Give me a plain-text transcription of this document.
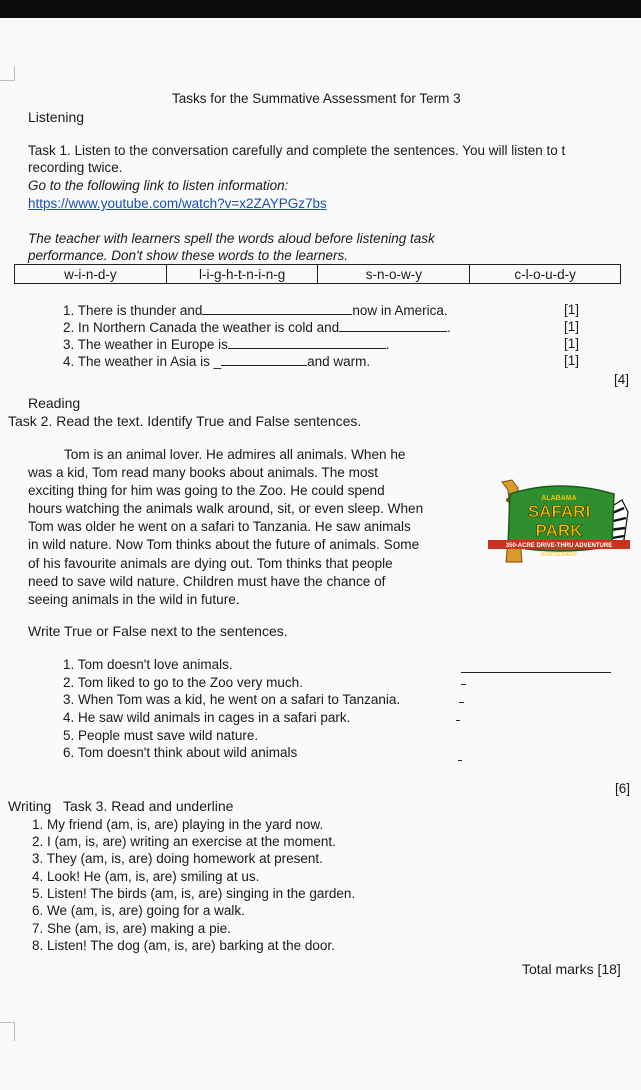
Tasks for the Summative Assessment for Term 3
Listening
Task 1. Listen to the conversation carefully and complete the sentences. You will listen to t
recording twice.
Go to the following link to listen information:
https://www.youtube.com/watch?v=x2ZAYPGz7bs
The teacher with learners spell the words aloud before listening task
performance. Don't show these words to the learners.
w-i-n-d-y	l-i-g-h-t-n-i-n-g	s-n-o-w-y	c-l-o-u-d-y
1. There is thunder and	now in America.	[1]
2. In Northern Canada the weather is cold and	.	[1]
3. The weather in Europe is	.	[1]
4. The weather in Asia is _	and warm.	[1]
[4]
Reading
Task 2. Read the text. Identify True and False sentences.
Tom is an animal lover. He admires all animals. When he
was a kid, Tom read many books about animals. The most
exciting thing for him was going to the Zoo. He could spend
hours watching the animals walk around, sit, or even sleep. When
Tom was older he went on a safari to Tanzania. He saw animals
in wild nature. Now Tom thinks about the future of animals. Some
of his favourite animals are dying out. Tom thinks that people
need to save wild nature. Children must have the chance of
seeing animals in the wild in future.
ALABAMA
SAFARI
PARK
350-ACRE DRIVE-THRU ADVENTURE
HONTGOMERY
Write True or False next to the sentences.
1. Tom doesn't love animals.
2. Tom liked to go to the Zoo very much.
3. When Tom was a kid, he went on a safari to Tanzania.
4. He saw wild animals in cages in a safari park.
5. People must save wild nature.
6. Tom doesn't think about wild animals
[6]
Writing Task 3. Read and underline
1. My friend (am, is, are) playing in the yard now.
2. I (am, is, are) writing an exercise at the moment.
3. They (am, is, are) doing homework at present.
4. Look! He (am, is, are) smiling at us.
5. Listen! The birds (am, is, are) singing in the garden.
6. We (am, is, are) going for a walk.
7. She (am, is, are) making a pie.
8. Listen! The dog (am, is, are) barking at the door.
Total marks [18]
